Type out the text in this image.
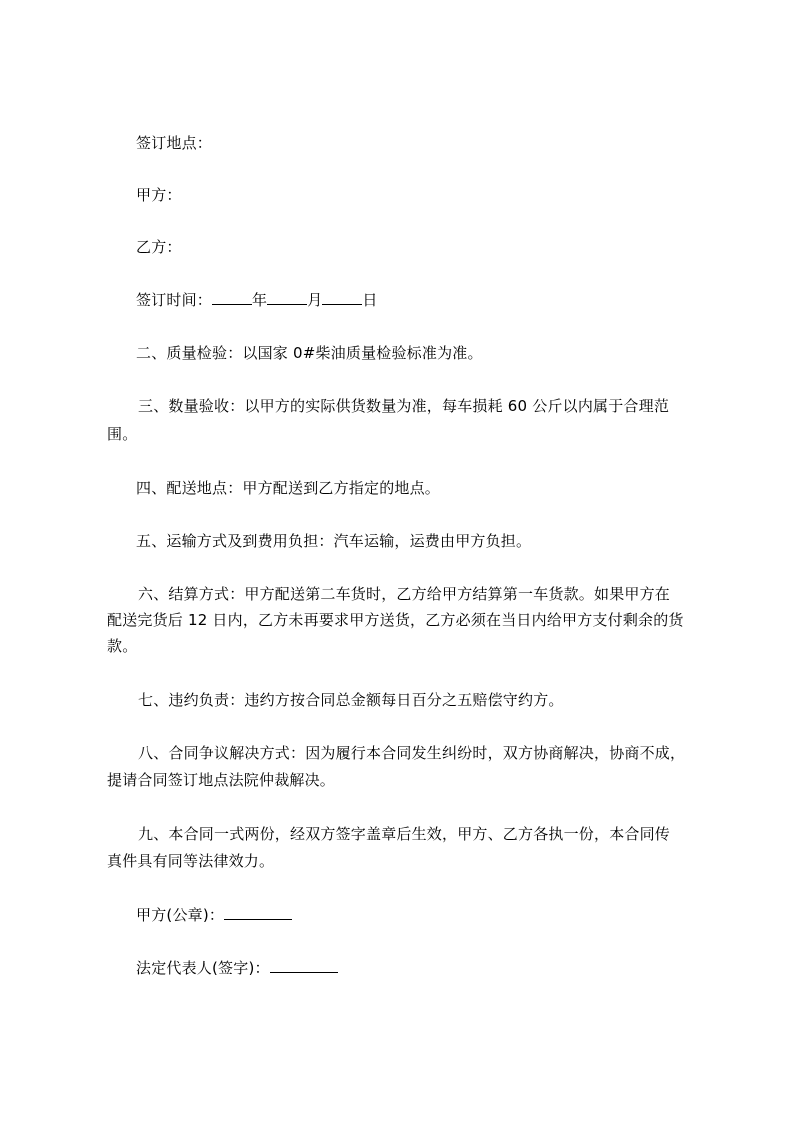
签订地点：
甲方：
乙方：
签订时间：	年	月	日
二、质量检验：以国家 0#柴油质量检验标准为准。
三、数量验收：以甲方的实际供货数量为准，每车损耗 60 公斤以内属于合理范
围。
四、配送地点：甲方配送到乙方指定的地点。
五、运输方式及到费用负担：汽车运输，运费由甲方负担。
六、结算方式：甲方配送第二车货时，乙方给甲方结算第一车货款。如果甲方在
配送完货后 12 日内，乙方未再要求甲方送货，乙方必须在当日内给甲方支付剩余的货
款。
七、违约负责：违约方按合同总金额每日百分之五赔偿守约方。
八、合同争议解决方式：因为履行本合同发生纠纷时，双方协商解决，协商不成，
提请合同签订地点法院仲裁解决。
九、本合同一式两份，经双方签字盖章后生效，甲方、乙方各执一份，本合同传
真件具有同等法律效力。
甲方(公章)：
法定代表人(签字)：
